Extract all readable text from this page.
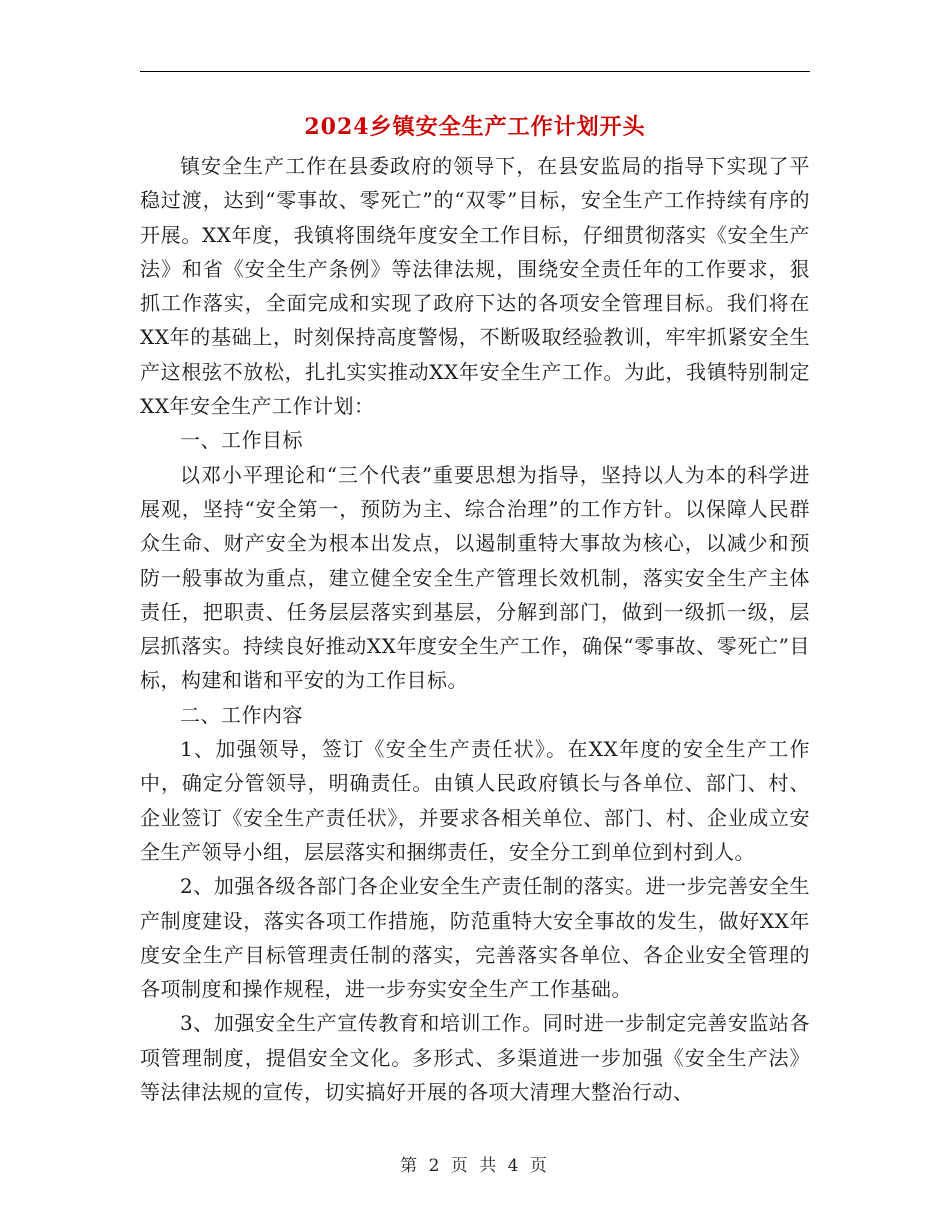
2024乡镇安全生产工作计划开头

镇安全生产工作在县委政府的领导下，在县安监局的指导下实现了平稳过渡，达到“零事故、零死亡”的“双零”目标，安全生产工作持续有序的开展。XX年度，我镇将围绕年度安全工作目标，仔细贯彻落实《安全生产法》和省《安全生产条例》等法律法规，围绕安全责任年的工作要求，狠抓工作落实，全面完成和实现了政府下达的各项安全管理目标。我们将在XX年的基础上，时刻保持高度警惕，不断吸取经验教训，牢牢抓紧安全生产这根弦不放松，扎扎实实推动XX年安全生产工作。为此，我镇特别制定XX年安全生产工作计划：

一、工作目标

以邓小平理论和“三个代表”重要思想为指导，坚持以人为本的科学进展观，坚持“安全第一，预防为主、综合治理”的工作方针。以保障人民群众生命、财产安全为根本出发点，以遏制重特大事故为核心，以减少和预防一般事故为重点，建立健全安全生产管理长效机制，落实安全生产主体责任，把职责、任务层层落实到基层，分解到部门，做到一级抓一级，层层抓落实。持续良好推动XX年度安全生产工作，确保“零事故、零死亡”目标，构建和谐和平安的为工作目标。

二、工作内容

1、加强领导，签订《安全生产责任状》。在XX年度的安全生产工作中，确定分管领导，明确责任。由镇人民政府镇长与各单位、部门、村、企业签订《安全生产责任状》，并要求各相关单位、部门、村、企业成立安全生产领导小组，层层落实和捆绑责任，安全分工到单位到村到人。

2、加强各级各部门各企业安全生产责任制的落实。进一步完善安全生产制度建设，落实各项工作措施，防范重特大安全事故的发生，做好XX年度安全生产目标管理责任制的落实，完善落实各单位、各企业安全管理的各项制度和操作规程，进一步夯实安全生产工作基础。

3、加强安全生产宣传教育和培训工作。同时进一步制定完善安监站各项管理制度，提倡安全文化。多形式、多渠道进一步加强《安全生产法》等法律法规的宣传，切实搞好开展的各项大清理大整治行动、

第 2 页 共 4 页
